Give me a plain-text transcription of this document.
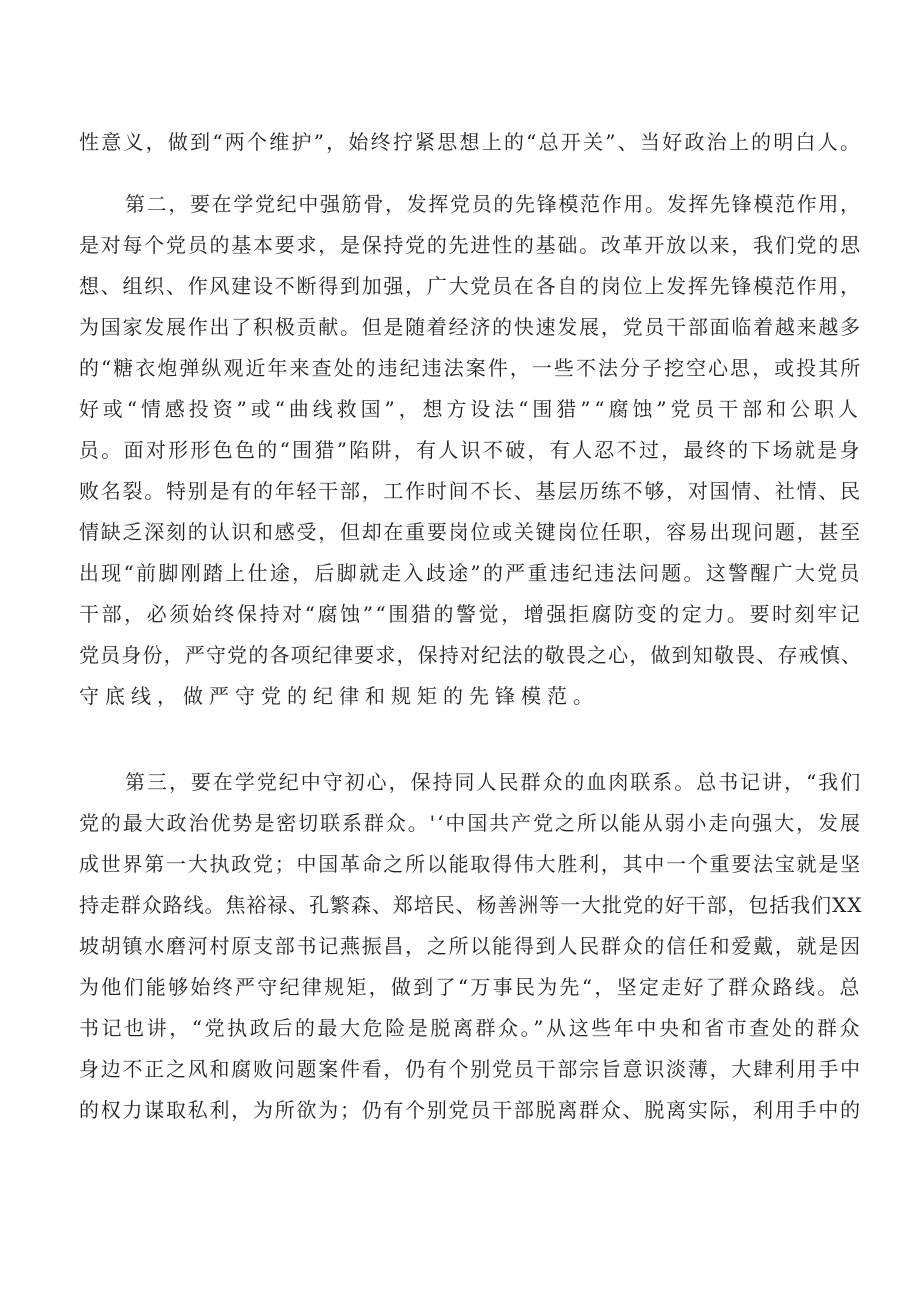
性意义，做到“两个维护”，始终拧紧思想上的“总开关”、当好政治上的明白人。

第二，要在学党纪中强筋骨，发挥党员的先锋模范作用。发挥先锋模范作用，

是对每个党员的基本要求，是保持党的先进性的基础。改革开放以来，我们党的思

想、组织、作风建设不断得到加强，广大党员在各自的岗位上发挥先锋模范作用，

为国家发展作出了积极贡献。但是随着经济的快速发展，党员干部面临着越来越多

的“糖衣炮弹纵观近年来查处的违纪违法案件，一些不法分子挖空心思，或投其所

好或“情感投资”或“曲线救国”，想方设法“围猎”“腐蚀”党员干部和公职人

员。面对形形色色的“围猎”陷阱，有人识不破，有人忍不过，最终的下场就是身

败名裂。特别是有的年轻干部，工作时间不长、基层历练不够，对国情、社情、民

情缺乏深刻的认识和感受，但却在重要岗位或关键岗位任职，容易出现问题，甚至

出现“前脚刚踏上仕途，后脚就走入歧途”的严重违纪违法问题。这警醒广大党员

干部，必须始终保持对“腐蚀”“围猎的警觉，增强拒腐防变的定力。要时刻牢记

党员身份，严守党的各项纪律要求，保持对纪法的敬畏之心，做到知敬畏、存戒慎、

守底线，做严守党的纪律和规矩的先锋模范。

第三，要在学党纪中守初心，保持同人民群众的血肉联系。总书记讲，“我们

党的最大政治优势是密切联系群众。'‘中国共产党之所以能从弱小走向强大，发展

成世界第一大执政党；中国革命之所以能取得伟大胜利，其中一个重要法宝就是坚

持走群众路线。焦裕禄、孔繁森、郑培民、杨善洲等一大批党的好干部，包括我们XX

坡胡镇水磨河村原支部书记燕振昌，之所以能得到人民群众的信任和爱戴，就是因

为他们能够始终严守纪律规矩，做到了“万事民为先“，坚定走好了群众路线。总

书记也讲，“党执政后的最大危险是脱离群众。”从这些年中央和省市查处的群众

身边不正之风和腐败问题案件看，仍有个别党员干部宗旨意识淡薄，大肆利用手中

的权力谋取私利，为所欲为；仍有个别党员干部脱离群众、脱离实际，利用手中的
